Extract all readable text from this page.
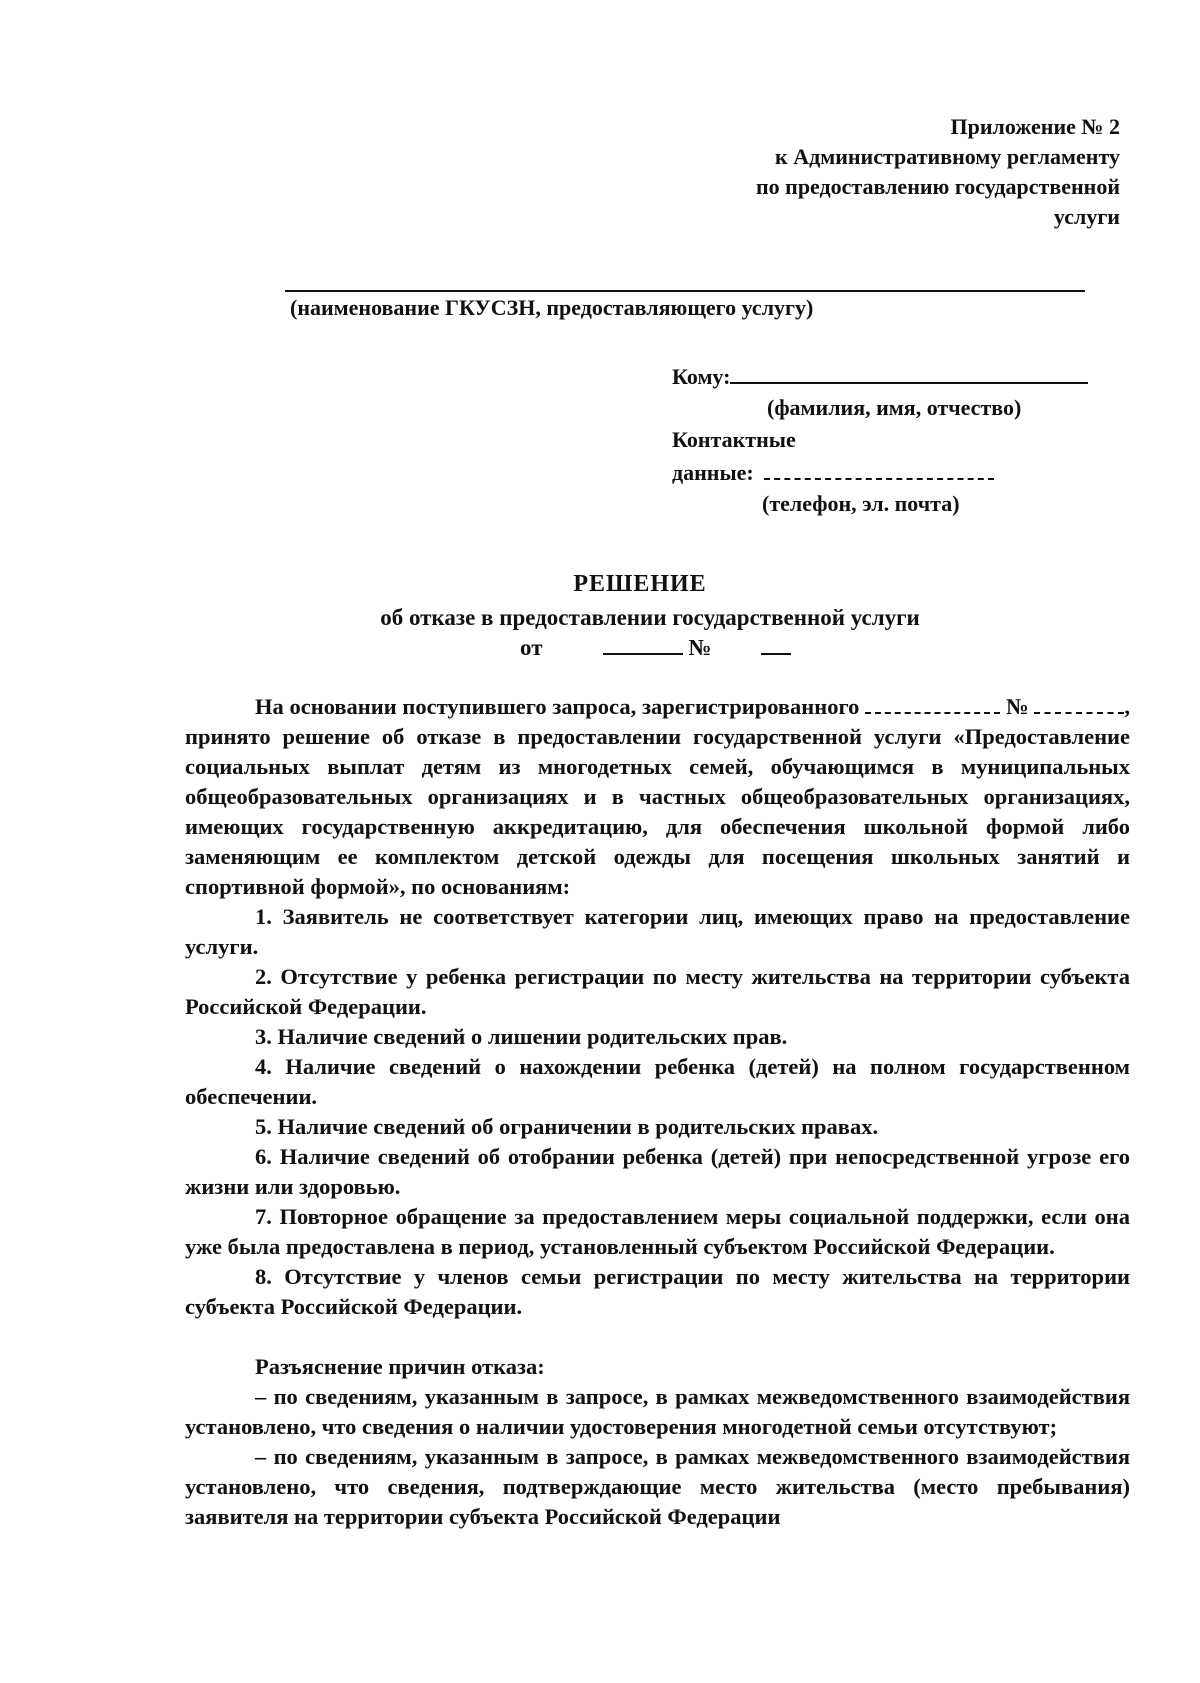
Приложение № 2
к Административному регламенту
по предоставлению государственной
услуги
(наименование ГКУСЗН, предоставляющего услугу)
Кому:
(фамилия, имя, отчество)
Контактные
данные:
(телефон, эл. почта)
РЕШЕНИЕ
об отказе в предоставлении государственной услуги
от	№

На основании поступившего запроса, зарегистрированного	№	, принято решение об отказе в предоставлении государственной услуги «Предоставление социальных выплат детям из многодетных семей, обучающимся в муниципальных общеобразовательных организациях и в частных общеобразовательных организациях, имеющих государственную аккредитацию, для обеспечения школьной формой либо заменяющим ее комплектом детской одежды для посещения школьных занятий и спортивной формой», по основаниям:

1. Заявитель не соответствует категории лиц, имеющих право на предоставление услуги.

2. Отсутствие у ребенка регистрации по месту жительства на территории субъекта Российской Федерации.

3. Наличие сведений о лишении родительских прав.

4. Наличие сведений о нахождении ребенка (детей) на полном государственном обеспечении.

5. Наличие сведений об ограничении в родительских правах.

6. Наличие сведений об отобрании ребенка (детей) при непосредственной угрозе его жизни или здоровью.

7. Повторное обращение за предоставлением меры социальной поддержки, если она уже была предоставлена в период, установленный субъектом Российской Федерации.

8. Отсутствие у членов семьи регистрации по месту жительства на территории субъекта Российской Федерации.

Разъяснение причин отказа:

– по сведениям, указанным в запросе, в рамках межведомственного взаимодействия установлено, что сведения о наличии удостоверения многодетной семьи отсутствуют;

– по сведениям, указанным в запросе, в рамках межведомственного взаимодействия установлено, что сведения, подтверждающие место жительства (место пребывания) заявителя на территории субъекта Российской Федерации
